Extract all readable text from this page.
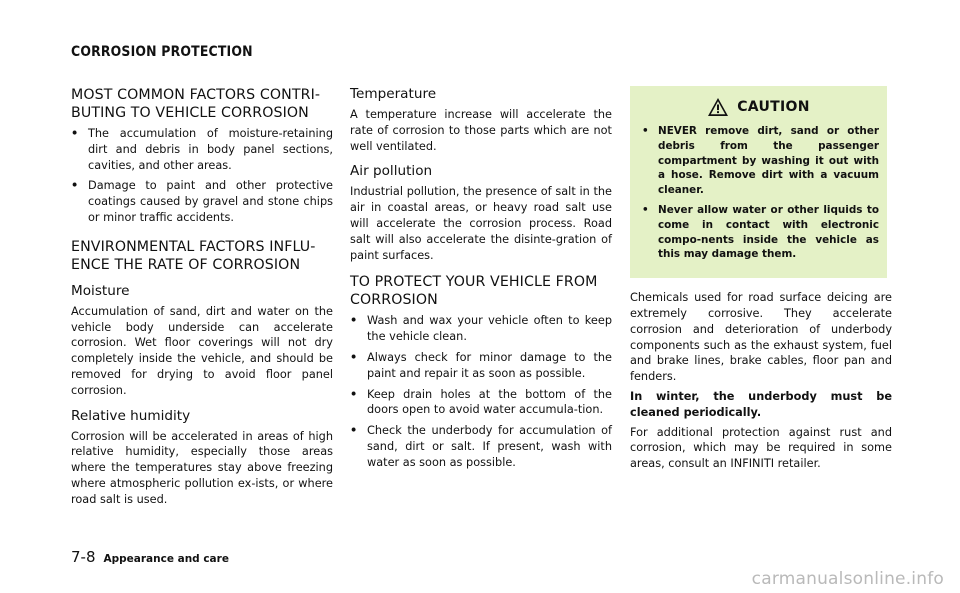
CORROSION PROTECTION
MOST COMMON FACTORS CONTRI-
BUTING TO VEHICLE CORROSION
• The accumulation of moisture-retaining dirt and debris in body panel sections, cavities, and other areas.
• Damage to paint and other protective coatings caused by gravel and stone chips or minor traffic accidents.
ENVIRONMENTAL FACTORS INFLU-
ENCE THE RATE OF CORROSION
Moisture

Accumulation of sand, dirt and water on the vehicle body underside can accelerate corrosion. Wet floor coverings will not dry completely inside the vehicle, and should be removed for drying to avoid floor panel corrosion.

Relative humidity

Corrosion will be accelerated in areas of high relative humidity, especially those areas where the temperatures stay above freezing where atmospheric pollution ex-ists, or where road salt is used.

Temperature

A temperature increase will accelerate the rate of corrosion to those parts which are not well ventilated.

Air pollution

Industrial pollution, the presence of salt in the air in coastal areas, or heavy road salt use will accelerate the corrosion process. Road salt will also accelerate the disinte-gration of paint surfaces.

TO PROTECT YOUR VEHICLE FROM
CORROSION
• Wash and wax your vehicle often to keep the vehicle clean.
• Always check for minor damage to the paint and repair it as soon as possible.
• Keep drain holes at the bottom of the doors open to avoid water accumula-tion.
• Check the underbody for accumulation of sand, dirt or salt. If present, wash with water as soon as possible.
CAUTION
• NEVER remove dirt, sand or other debris from the passenger compartment by washing it out with a hose. Remove dirt with a vacuum cleaner.
• Never allow water or other liquids to come in contact with electronic compo-nents inside the vehicle as this may damage them.

Chemicals used for road surface deicing are extremely corrosive. They accelerate corrosion and deterioration of underbody components such as the exhaust system, fuel and brake lines, brake cables, floor pan and fenders.

In winter, the underbody must be cleaned periodically.

For additional protection against rust and corrosion, which may be required in some areas, consult an INFINITI retailer.

7-8 Appearance and care
carmanualsonline.info
